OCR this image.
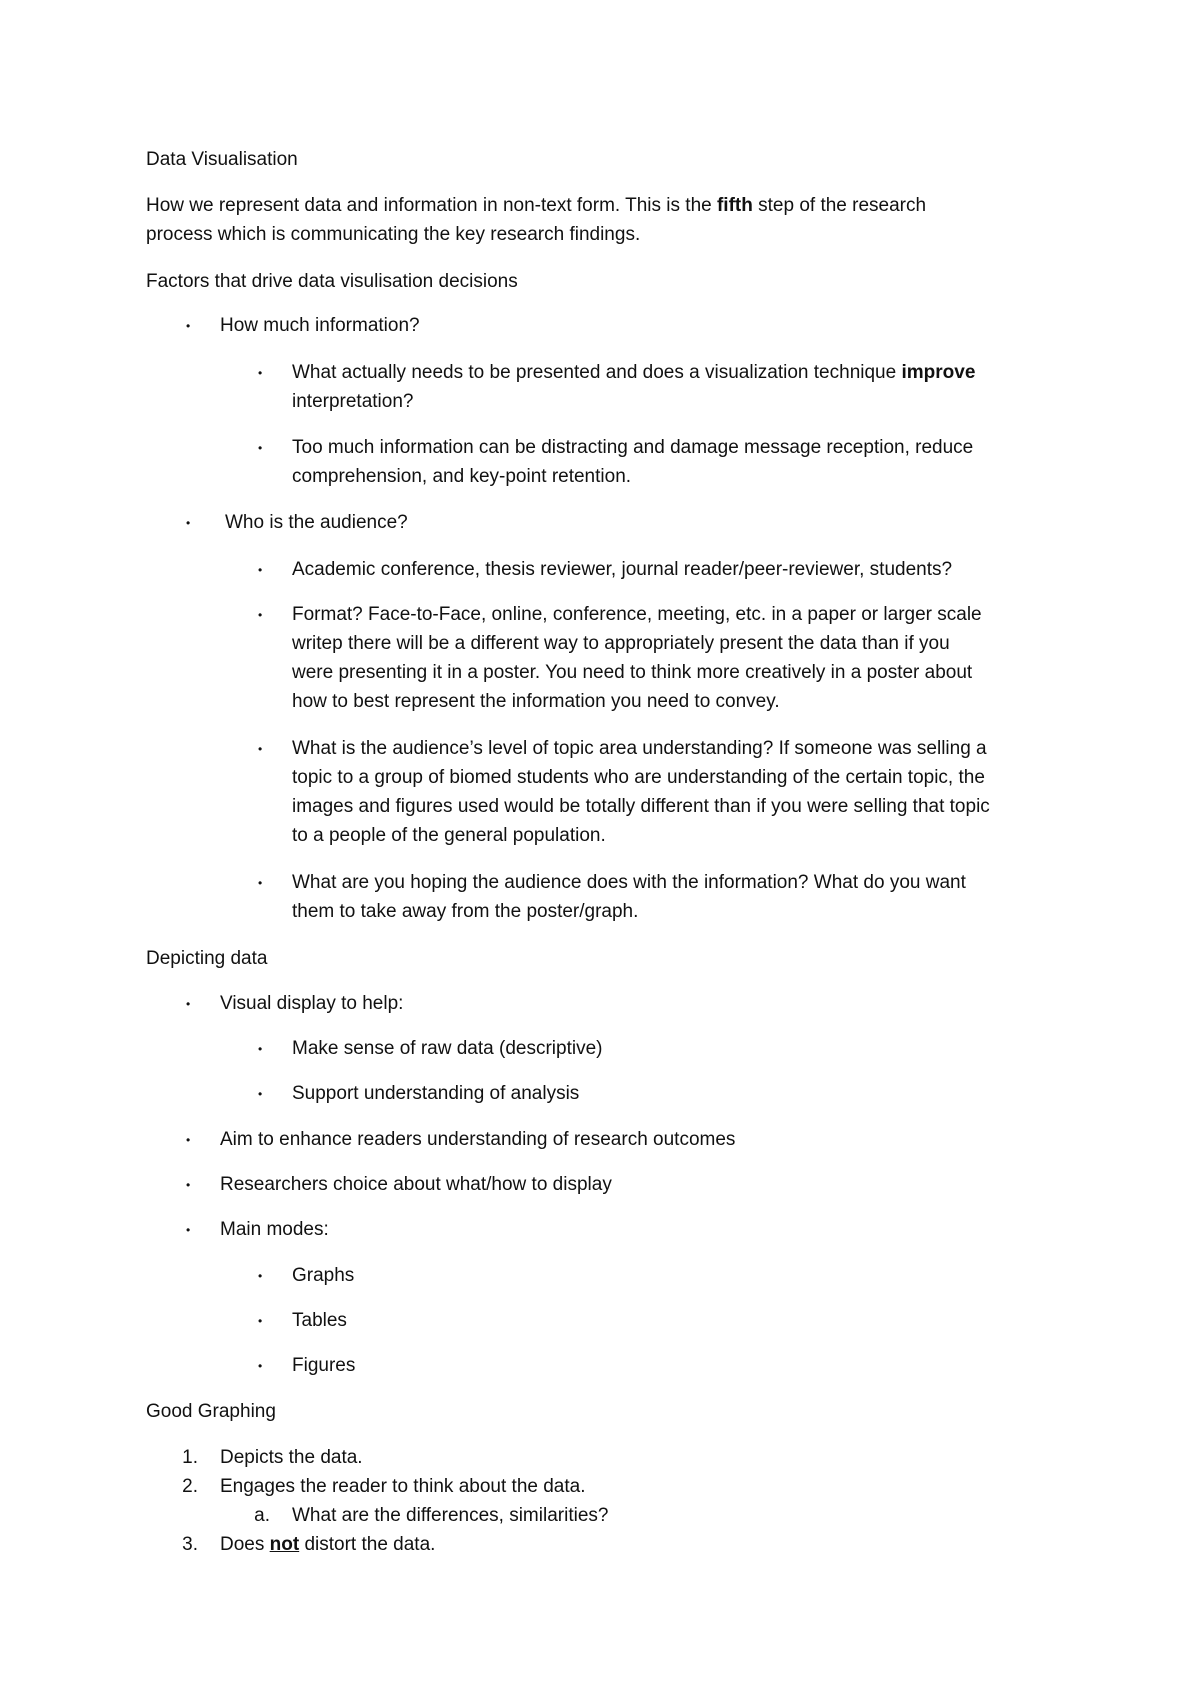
Data Visualisation
How we represent data and information in non-text form. This is the fifth step of the research
process which is communicating the key research findings.
Factors that drive data visulisation decisions
• How much information?
• What actually needs to be presented and does a visualization technique improve
interpretation?
• Too much information can be distracting and damage message reception, reduce
comprehension, and key-point retention.
• Who is the audience?
• Academic conference, thesis reviewer, journal reader/peer-reviewer, students?
• Format? Face-to-Face, online, conference, meeting, etc. in a paper or larger scale
writep there will be a different way to appropriately present the data than if you
were presenting it in a poster. You need to think more creatively in a poster about
how to best represent the information you need to convey.
• What is the audience’s level of topic area understanding? If someone was selling a
topic to a group of biomed students who are understanding of the certain topic, the
images and figures used would be totally different than if you were selling that topic
to a people of the general population.
• What are you hoping the audience does with the information? What do you want
them to take away from the poster/graph.
Depicting data
• Visual display to help:
• Make sense of raw data (descriptive)
• Support understanding of analysis
• Aim to enhance readers understanding of research outcomes
• Researchers choice about what/how to display
• Main modes:
• Graphs
• Tables
• Figures
Good Graphing
1. Depicts the data.
2. Engages the reader to think about the data.
a. What are the differences, similarities?
3. Does not distort the data.
